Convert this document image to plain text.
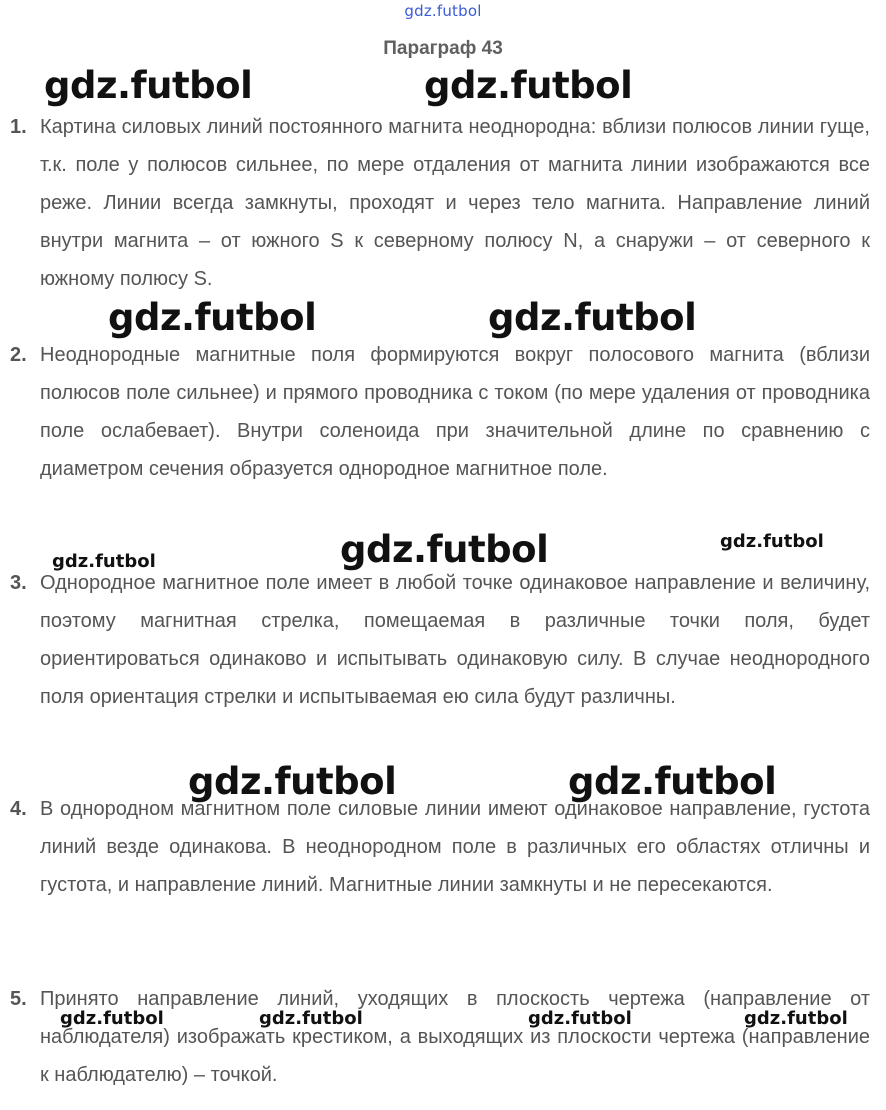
gdz.futbol
Параграф 43
1. Картина силовых линий постоянного магнита неоднородна: вблизи полюсов линии гуще, т.к. поле у полюсов сильнее, по мере отдаления от магнита линии изображаются все реже. Линии всегда замкнуты, проходят и через тело магнита. Направление линий внутри магнита – от южного S к северному полюсу N, а снаружи – от северного к южному полюсу S.
2. Неоднородные магнитные поля формируются вокруг полосового магнита (вблизи полюсов поле сильнее) и прямого проводника с током (по мере удаления от проводника поле ослабевает). Внутри соленоида при значительной длине по сравнению с диаметром сечения образуется однородное магнитное поле.
3. Однородное магнитное поле имеет в любой точке одинаковое направление и величину, поэтому магнитная стрелка, помещаемая в различные точки поля, будет ориентироваться одинаково и испытывать одинаковую силу. В случае неоднородного поля ориентация стрелки и испытываемая ею сила будут различны.
4. В однородном магнитном поле силовые линии имеют одинаковое направление, густота линий везде одинакова. В неоднородном поле в различных его областях отличны и густота, и направление линий. Магнитные линии замкнуты и не пересекаются.
5. Принято направление линий, уходящих в плоскость чертежа (направление от наблюдателя) изображать крестиком, а выходящих из плоскости чертежа (направление к наблюдателю) – точкой.
gdz.futbol	gdz.futbol
gdz.futbol	gdz.futbol
gdz.futbol	gdz.futbol	gdz.futbol
gdz.futbol	gdz.futbol
gdz.futbol	gdz.futbol	gdz.futbol	gdz.futbol
